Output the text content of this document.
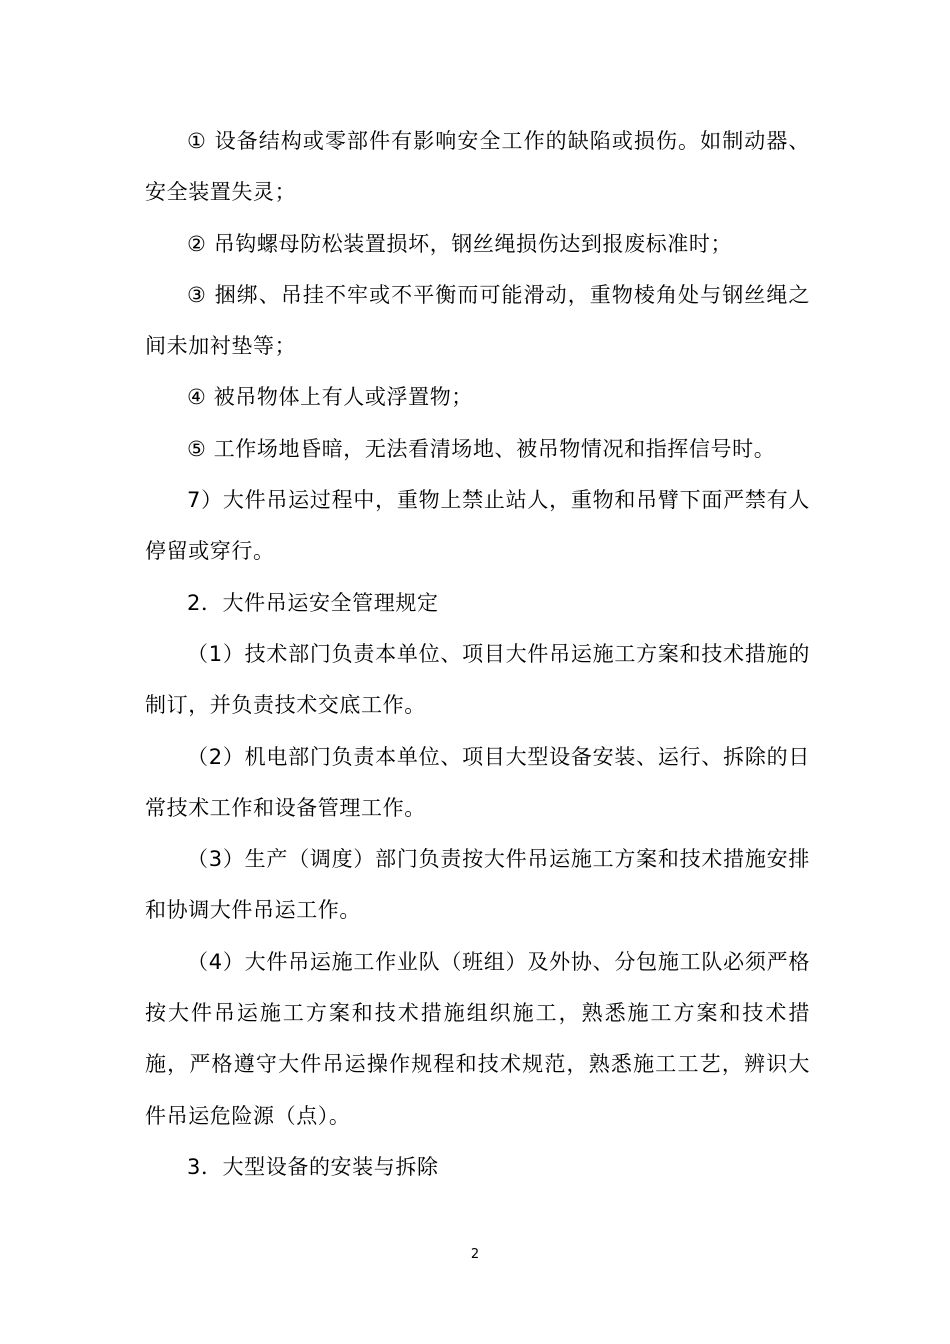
① 设备结构或零部件有影响安全工作的缺陷或损伤。如制动器、安全装置失灵；

② 吊钩螺母防松装置损坏，钢丝绳损伤达到报废标准时；

③ 捆绑、吊挂不牢或不平衡而可能滑动，重物棱角处与钢丝绳之间未加衬垫等；

④ 被吊物体上有人或浮置物；

⑤ 工作场地昏暗，无法看清场地、被吊物情况和指挥信号时。

7）大件吊运过程中，重物上禁止站人，重物和吊臂下面严禁有人停留或穿行。

2．大件吊运安全管理规定

（1）技术部门负责本单位、项目大件吊运施工方案和技术措施的制订，并负责技术交底工作。

（2）机电部门负责本单位、项目大型设备安装、运行、拆除的日常技术工作和设备管理工作。

（3）生产（调度）部门负责按大件吊运施工方案和技术措施安排和协调大件吊运工作。

（4）大件吊运施工作业队（班组）及外协、分包施工队必须严格按大件吊运施工方案和技术措施组织施工，熟悉施工方案和技术措施，严格遵守大件吊运操作规程和技术规范，熟悉施工工艺，辨识大件吊运危险源（点）。

3．大型设备的安装与拆除

2
